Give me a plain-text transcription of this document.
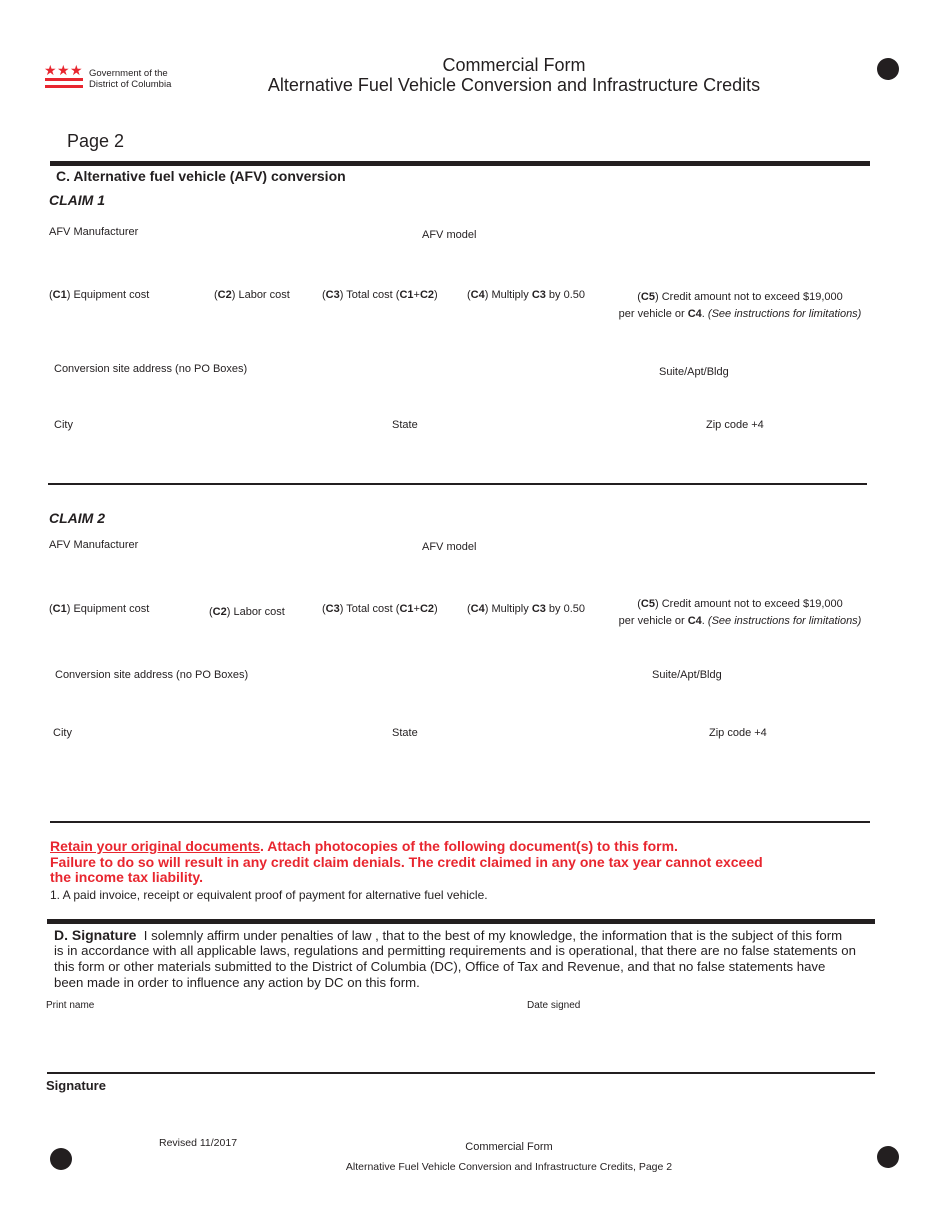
★ ★ ★ Government of the
District of Columbia
Commercial Form
Alternative Fuel Vehicle Conversion and Infrastructure Credits
Page 2
C. Alternative fuel vehicle (AFV) conversion
CLAIM 1
AFV Manufacturer	AFV model
(C1) Equipment cost	(C2) Labor cost	(C3) Total cost (C1+C2)	(C4) Multiply C3 by 0.50	(C5) Credit amount not to exceed $19,000
per vehicle or C4. (See instructions for limitations)
Conversion site address (no PO Boxes)	Suite/Apt/Bldg
City	State	Zip code +4
CLAIM 2
AFV Manufacturer	AFV model
(C1) Equipment cost	(C2) Labor cost	(C3) Total cost (C1+C2)	(C4) Multiply C3 by 0.50	(C5) Credit amount not to exceed $19,000
per vehicle or C4. (See instructions for limitations)
Conversion site address (no PO Boxes)	Suite/Apt/Bldg
City	State	Zip code +4
Retain your original documents. Attach photocopies of the following document(s) to this form.
Failure to do so will result in any credit claim denials. The credit claimed in any one tax year cannot exceed
the income tax liability.
1. A paid invoice, receipt or equivalent proof of payment for alternative fuel vehicle.
D. Signature I solemnly affirm under penalties of law , that to the best of my knowledge, the information that is the subject of this form
is in accordance with all applicable laws, regulations and permitting requirements and is operational, that there are no false statements on
this form or other materials submitted to the District of Columbia (DC), Office of Tax and Revenue, and that no false statements have
been made in order to influence any action by DC on this form.
Print name	Date signed
Signature
Revised 11/2017	Commercial Form
Alternative Fuel Vehicle Conversion and Infrastructure Credits, Page 2
